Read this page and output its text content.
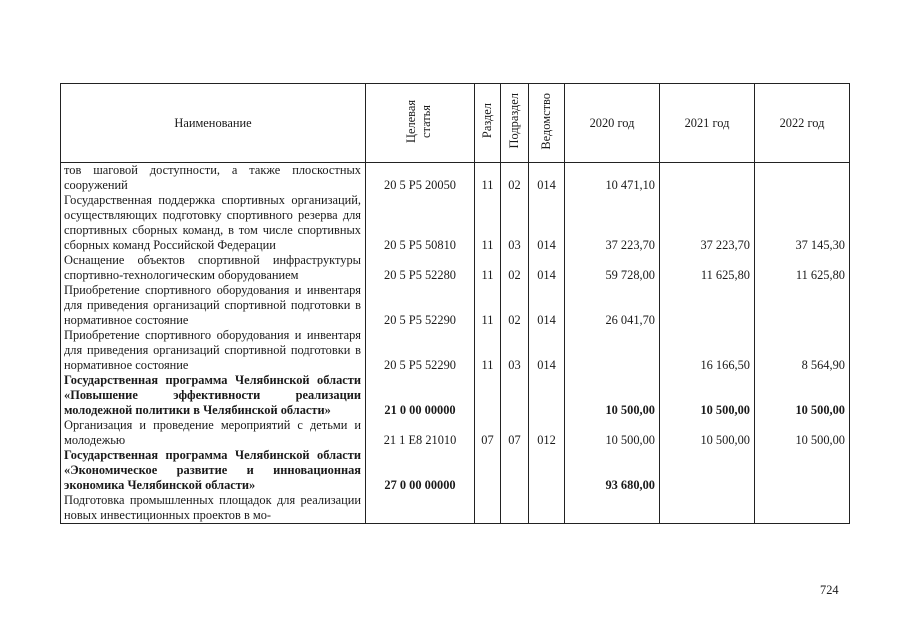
Наименование	Целевая статья	Раздел	Подраздел	Ведомство	2020 год	2021 год	2022 год
тов шаговой доступности, а также плоскостных сооружений	20 5 P5 20050	11	02	014	10 471,10		
Государственная поддержка спортивных организаций, осуществляющих подготовку спортивного резерва для спортивных сборных команд, в том числе спортивных сборных команд Российской Федерации	20 5 P5 50810	11	03	014	37 223,70	37 223,70	37 145,30
Оснащение объектов спортивной инфраструктуры спортивно-технологическим оборудованием	20 5 P5 52280	11	02	014	59 728,00	11 625,80	11 625,80
Приобретение спортивного оборудования и инвентаря для приведения организаций спортивной подготовки в нормативное состояние	20 5 P5 52290	11	02	014	26 041,70		
Приобретение спортивного оборудования и инвентаря для приведения организаций спортивной подготовки в нормативное состояние	20 5 P5 52290	11	03	014		16 166,50	8 564,90
Государственная программа Челябинской области «Повышение эффективности реализации молодежной политики в Челябинской области»	21 0 00 00000				10 500,00	10 500,00	10 500,00
Организация и проведение мероприятий с детьми и молодежью	21 1 E8 21010	07	07	012	10 500,00	10 500,00	10 500,00
Государственная программа Челябинской области «Экономическое развитие и инновационная экономика Челябинской области»	27 0 00 00000				93 680,00		
Подготовка промышленных площадок для реализации новых инвестиционных проектов в мо-							
724
